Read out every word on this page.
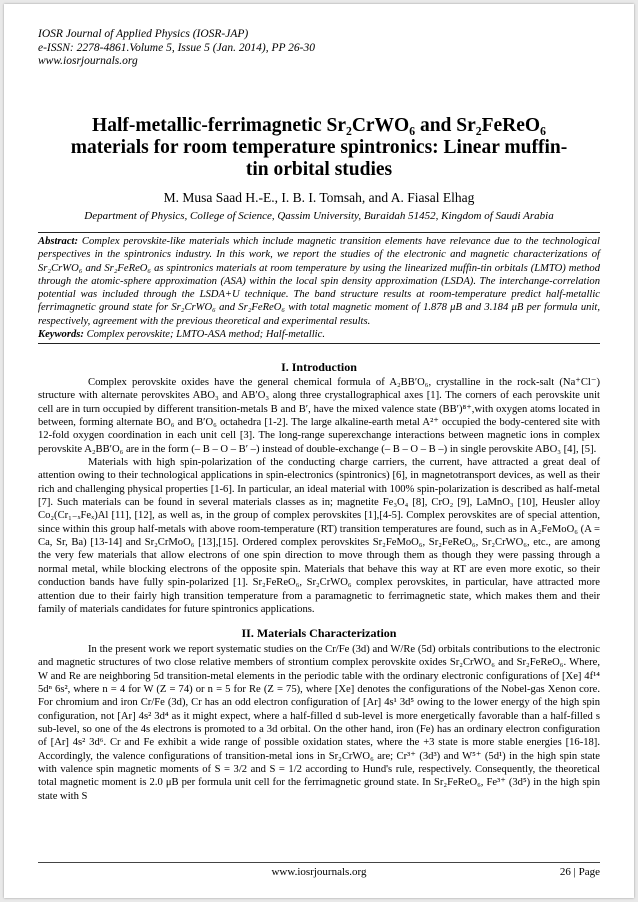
IOSR Journal of Applied Physics (IOSR-JAP)
e-ISSN: 2278-4861.Volume 5, Issue 5 (Jan. 2014), PP 26-30
www.iosrjournals.org
Half-metallic-ferrimagnetic Sr₂CrWO₆ and Sr₂FeReO₆ materials for room temperature spintronics: Linear muffin-tin orbital studies
M. Musa Saad H.-E., I. B. I. Tomsah, and A. Fiasal Elhag
Department of Physics, College of Science, Qassim University, Buraidah 51452, Kingdom of Saudi Arabia
Abstract: Complex perovskite-like materials which include magnetic transition elements have relevance due to the technological perspectives in the spintronics industry. In this work, we report the studies of the electronic and magnetic characterizations of Sr₂CrWO₆ and Sr₂FeReO₆ as spintronics materials at room temperature by using the linearized muffin-tin orbitals (LMTO) method through the atomic-sphere approximation (ASA) within the local spin density approximation (LSDA). The interchange-correlation potential was included through the LSDA+U technique. The band structure results at room-temperature predict half-metallic ferrimagnetic ground state for Sr₂CrWO₆ and Sr₂FeReO₆ with total magnetic moment of 1.878 μB and 3.184 μB per formula unit, respectively, agreement with the previous theoretical and experimental results.
Keywords: Complex perovskite; LMTO-ASA method; Half-metallic.
I. Introduction

Complex perovskite oxides have the general chemical formula of A₂BB′O₆, crystalline in the rock-salt (Na⁺Cl⁻) structure with alternate perovskites ABO₃ and AB′O₃ along three crystallographical axes [1]. The corners of each perovskite unit cell are in turn occupied by different transition-metals B and B′, have the mixed valence state (BB′)⁸⁺,with oxygen atoms located in between, forming alternate BO₆ and B′O₆ octahedra [1-2]. The large alkaline-earth metal A²⁺ occupied the body-centered site with 12-fold oxygen coordination in each unit cell [3]. The long-range superexchange interactions between magnetic ions in complex perovskite A₂BB′O₆ are in the form (– B – O – B′ –) instead of double-exchange (– B – O – B –) in single perovskite ABO₃ [4], [5].

Materials with high spin-polarization of the conducting charge carriers, the current, have attracted a great deal of attention owing to their technological applications in spin-electronics (spintronics) [6], in magnetotransport devices, as well as their rich and challenging physical properties [1-6]. In particular, an ideal material with 100% spin-polarization is described as half-metal [7]. Such materials can be found in several materials classes as in; magnetite Fe₃O₄ [8], CrO₂ [9], LaMnO₃ [10], Heusler alloy Co₂(Cr₁₋ₓFeₓ)Al [11], [12], as well as, in the group of complex perovskites [1],[4-5]. Complex perovskites are of special attention, since within this group half-metals with above room-temperature (RT) transition temperatures are found, such as in A₂FeMoO₆ (A = Ca, Sr, Ba) [13-14] and Sr₂CrMoO₆ [13],[15]. Ordered complex perovskites Sr₂FeMoO₆, Sr₂FeReO₆, Sr₂CrWO₆, etc., are among the very few materials that allow electrons of one spin direction to move through them as though they were passing through a normal metal, while blocking electrons of the opposite spin. Materials that behave this way at RT are even more exotic, so their conduction bands have fully spin-polarized [1]. Sr₂FeReO₆, Sr₂CrWO₆ complex perovskites, in particular, have attracted more attention due to their fairly high transition temperature from a paramagnetic to ferrimagnetic state, which makes them and their family of materials candidates for future spintronics applications.

II. Materials Characterization

In the present work we report systematic studies on the Cr/Fe (3d) and W/Re (5d) orbitals contributions to the electronic and magnetic structures of two close relative members of strontium complex perovskite oxides Sr₂CrWO₆ and Sr₂FeReO₆. Where, W and Re are neighboring 5d transition-metal elements in the periodic table with the ordinary electronic configurations of [Xe] 4f¹⁴ 5dⁿ 6s², where n = 4 for W (Z = 74) or n = 5 for Re (Z = 75), where [Xe] denotes the configurations of the Nobel-gas Xenon core. For chromium and iron Cr/Fe (3d), Cr has an odd electron configuration of [Ar] 4s¹ 3d⁵ owing to the lower energy of the high spin configuration, not [Ar] 4s² 3d⁴ as it might expect, where a half-filled d sub-level is more energetically favorable than a half-filled s sub-level, so one of the 4s electrons is promoted to a 3d orbital. On the other hand, iron (Fe) has an ordinary electron configuration of [Ar] 4s² 3d⁶. Cr and Fe exhibit a wide range of possible oxidation states, where the +3 state is more stable energies [16-18]. Accordingly, the valence configurations of transition-metal ions in Sr₂CrWO₆ are; Cr³⁺ (3d³) and W⁵⁺ (5d¹) in the high spin state with valence spin magnetic moments of S = 3/2 and S = 1/2 according to Hund's rule, respectively. Consequently, the theoretical total magnetic moment is 2.0 μB per formula unit cell for the ferrimagnetic ground state. In Sr₂FeReO₆, Fe³⁺ (3d⁵) in the high spin state with S

www.iosrjournals.org	26 | Page
